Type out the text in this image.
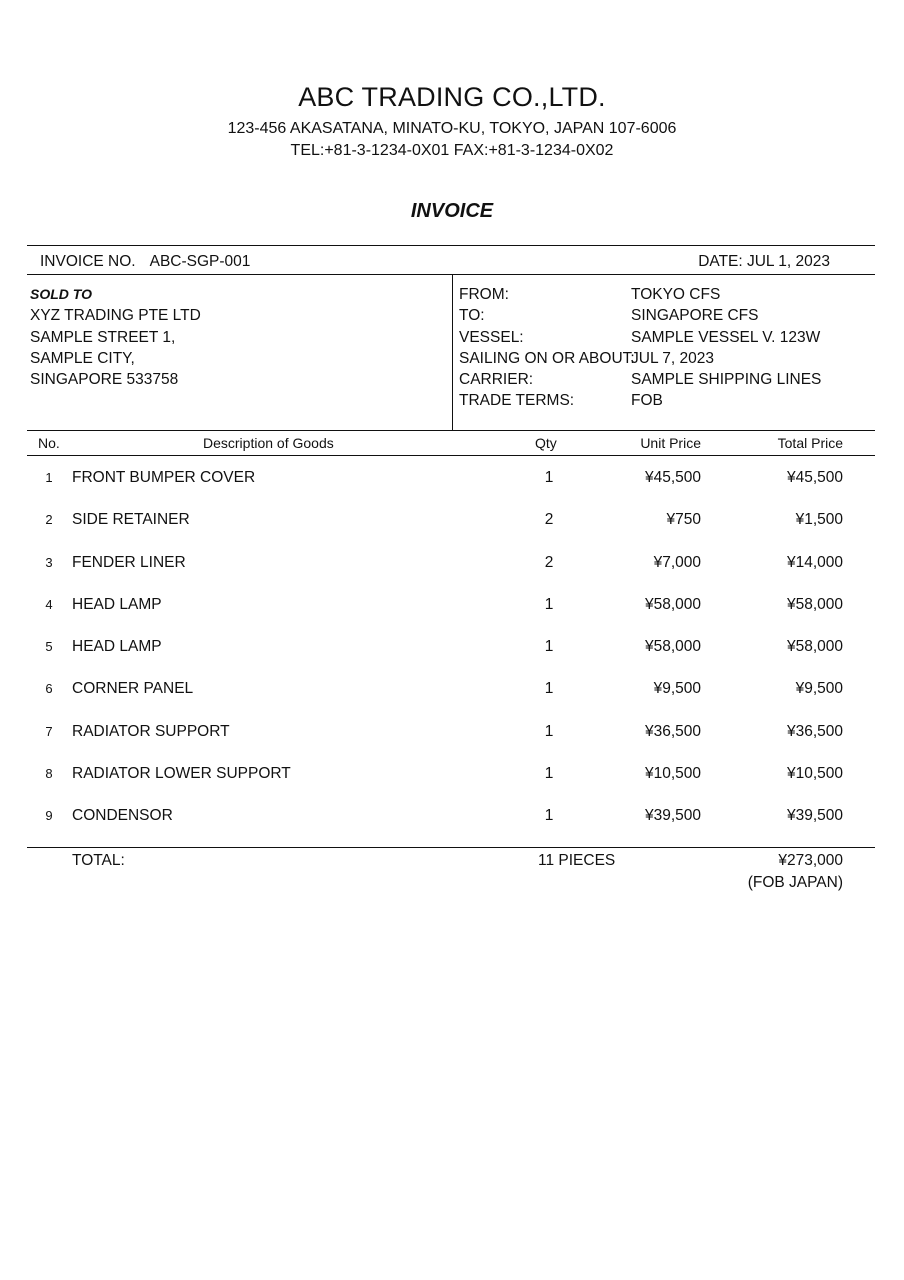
ABC TRADING CO.,LTD.
123-456 AKASATANA, MINATO-KU, TOKYO, JAPAN 107-6006
TEL:+81-3-1234-0X01 FAX:+81-3-1234-0X02
INVOICE
INVOICE NO. ABC-SGP-001	DATE: JUL 1, 2023
SOLD TO
XYZ TRADING PTE LTD
SAMPLE STREET 1,
SAMPLE CITY,
SINGAPORE 533758
FROM:	TOKYO CFS
TO:	SINGAPORE CFS
VESSEL:	SAMPLE VESSEL V. 123W
SAILING ON OR ABOUT:
JUL 7, 2023
CARRIER:	SAMPLE SHIPPING LINES
TRADE TERMS:	FOB
No.	Description of Goods	Qty	Unit Price	Total Price
1	FRONT BUMPER COVER	1	¥45,500	¥45,500
2	SIDE RETAINER	2	¥750	¥1,500
3	FENDER LINER	2	¥7,000	¥14,000
4	HEAD LAMP	1	¥58,000	¥58,000
5	HEAD LAMP	1	¥58,000	¥58,000
6	CORNER PANEL	1	¥9,500	¥9,500
7	RADIATOR SUPPORT	1	¥36,500	¥36,500
8	RADIATOR LOWER SUPPORT	1	¥10,500	¥10,500
9	CONDENSOR	1	¥39,500	¥39,500
TOTAL:	11 PIECES	¥273,000
(FOB JAPAN)
